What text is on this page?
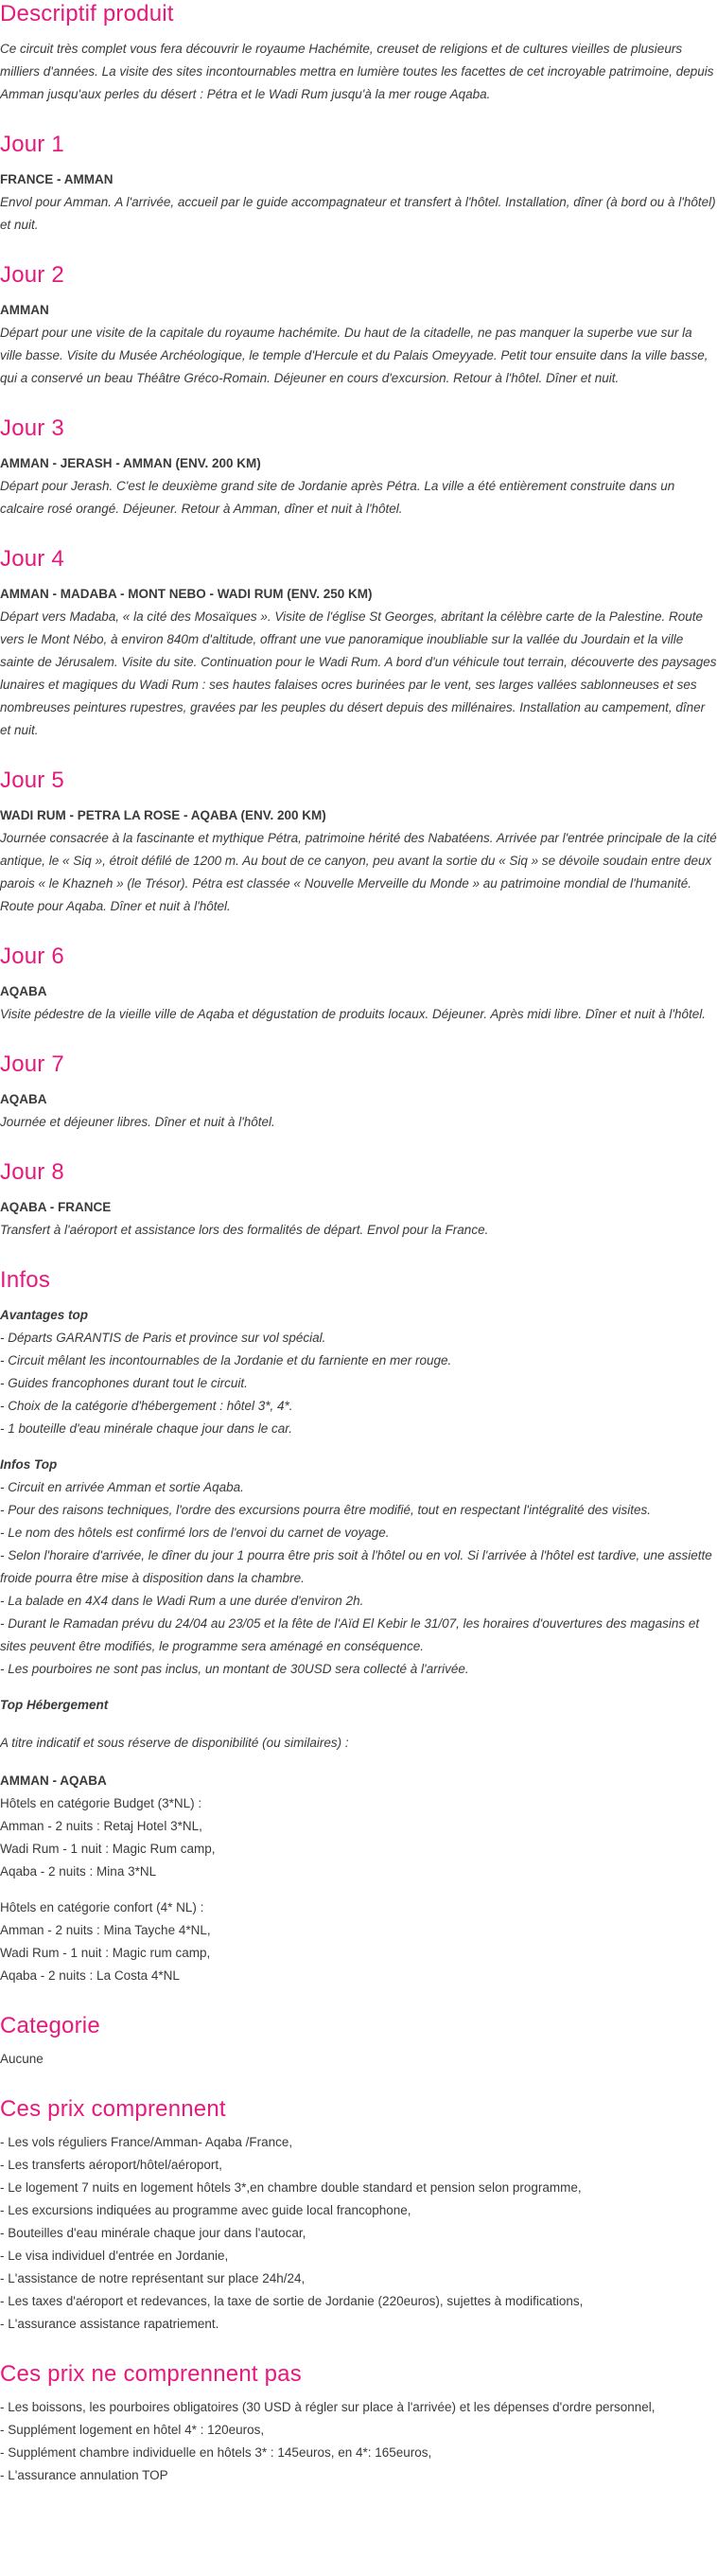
Descriptif produit

Ce circuit très complet vous fera découvrir le royaume Hachémite, creuset de religions et de cultures vieilles de plusieurs milliers d'années. La visite des sites incontournables mettra en lumière toutes les facettes de cet incroyable patrimoine, depuis Amman jusqu'aux perles du désert : Pétra et le Wadi Rum jusqu'à la mer rouge Aqaba.

Jour 1

FRANCE - AMMAN

Envol pour Amman. A l'arrivée, accueil par le guide accompagnateur et transfert à l'hôtel. Installation, dîner (à bord ou à l'hôtel) et nuit.

Jour 2

AMMAN

Départ pour une visite de la capitale du royaume hachémite. Du haut de la citadelle, ne pas manquer la superbe vue sur la ville basse. Visite du Musée Archéologique, le temple d'Hercule et du Palais Omeyyade. Petit tour ensuite dans la ville basse, qui a conservé un beau Théâtre Gréco-Romain. Déjeuner en cours d'excursion. Retour à l'hôtel. Dîner et nuit.

Jour 3

AMMAN - JERASH - AMMAN (ENV. 200 KM)

Départ pour Jerash. C'est le deuxième grand site de Jordanie après Pétra. La ville a été entièrement construite dans un calcaire rosé orangé. Déjeuner. Retour à Amman, dîner et nuit à l'hôtel.

Jour 4

AMMAN - MADABA - MONT NEBO - WADI RUM (ENV. 250 KM)

Départ vers Madaba, « la cité des Mosaïques ». Visite de l'église St Georges, abritant la célèbre carte de la Palestine. Route vers le Mont Nébo, à environ 840m d'altitude, offrant une vue panoramique inoubliable sur la vallée du Jourdain et la ville sainte de Jérusalem. Visite du site. Continuation pour le Wadi Rum. A bord d'un véhicule tout terrain, découverte des paysages lunaires et magiques du Wadi Rum : ses hautes falaises ocres burinées par le vent, ses larges vallées sablonneuses et ses nombreuses peintures rupestres, gravées par les peuples du désert depuis des millénaires. Installation au campement, dîner et nuit.

Jour 5

WADI RUM - PETRA LA ROSE - AQABA (ENV. 200 KM)

Journée consacrée à la fascinante et mythique Pétra, patrimoine hérité des Nabatéens. Arrivée par l'entrée principale de la cité antique, le « Siq », étroit défilé de 1200 m. Au bout de ce canyon, peu avant la sortie du « Siq » se dévoile soudain entre deux parois « le Khazneh » (le Trésor). Pétra est classée « Nouvelle Merveille du Monde » au patrimoine mondial de l'humanité. Route pour Aqaba. Dîner et nuit à l'hôtel.

Jour 6

AQABA

Visite pédestre de la vieille ville de Aqaba et dégustation de produits locaux. Déjeuner. Après midi libre. Dîner et nuit à l'hôtel.

Jour 7

AQABA

Journée et déjeuner libres. Dîner et nuit à l'hôtel.

Jour 8

AQABA - FRANCE

Transfert à l'aéroport et assistance lors des formalités de départ. Envol pour la France.

Infos

Avantages top

- Départs GARANTIS de Paris et province sur vol spécial.

- Circuit mêlant les incontournables de la Jordanie et du farniente en mer rouge.

- Guides francophones durant tout le circuit.

- Choix de la catégorie d'hébergement : hôtel 3*, 4*.

- 1 bouteille d'eau minérale chaque jour dans le car.

Infos Top

- Circuit en arrivée Amman et sortie Aqaba.

- Pour des raisons techniques, l'ordre des excursions pourra être modifié, tout en respectant l'intégralité des visites.

- Le nom des hôtels est confirmé lors de l'envoi du carnet de voyage.

- Selon l'horaire d'arrivée, le dîner du jour 1 pourra être pris soit à l'hôtel ou en vol. Si l'arrivée à l'hôtel est tardive, une assiette froide pourra être mise à disposition dans la chambre.

- La balade en 4X4 dans le Wadi Rum a une durée d'environ 2h.

- Durant le Ramadan prévu du 24/04 au 23/05 et la fête de l'Aïd El Kebir le 31/07, les horaires d'ouvertures des magasins et sites peuvent être modifiés, le programme sera aménagé en conséquence.

- Les pourboires ne sont pas inclus, un montant de 30USD sera collecté à l'arrivée.

Top Hébergement

A titre indicatif et sous réserve de disponibilité (ou similaires) :

AMMAN - AQABA

Hôtels en catégorie Budget (3*NL) :

Amman - 2 nuits : Retaj Hotel 3*NL,

Wadi Rum - 1 nuit : Magic Rum camp,

Aqaba - 2 nuits : Mina 3*NL

Hôtels en catégorie confort (4* NL) :

Amman - 2 nuits : Mina Tayche 4*NL,

Wadi Rum - 1 nuit : Magic rum camp,

Aqaba - 2 nuits : La Costa 4*NL

Categorie

Aucune

Ces prix comprennent

- Les vols réguliers France/Amman- Aqaba /France,

- Les transferts aéroport/hôtel/aéroport,

- Le logement 7 nuits en logement hôtels 3*,en chambre double standard et pension selon programme,

- Les excursions indiquées au programme avec guide local francophone,

- Bouteilles d'eau minérale chaque jour dans l'autocar,

- Le visa individuel d'entrée en Jordanie,

- L'assistance de notre représentant sur place 24h/24,

- Les taxes d'aéroport et redevances, la taxe de sortie de Jordanie (220euros), sujettes à modifications,

- L'assurance assistance rapatriement.

Ces prix ne comprennent pas

- Les boissons, les pourboires obligatoires (30 USD à régler sur place à l'arrivée) et les dépenses d'ordre personnel,

- Supplément logement en hôtel 4* : 120euros,

- Supplément chambre individuelle en hôtels 3* : 145euros, en 4*: 165euros,

- L'assurance annulation TOP
